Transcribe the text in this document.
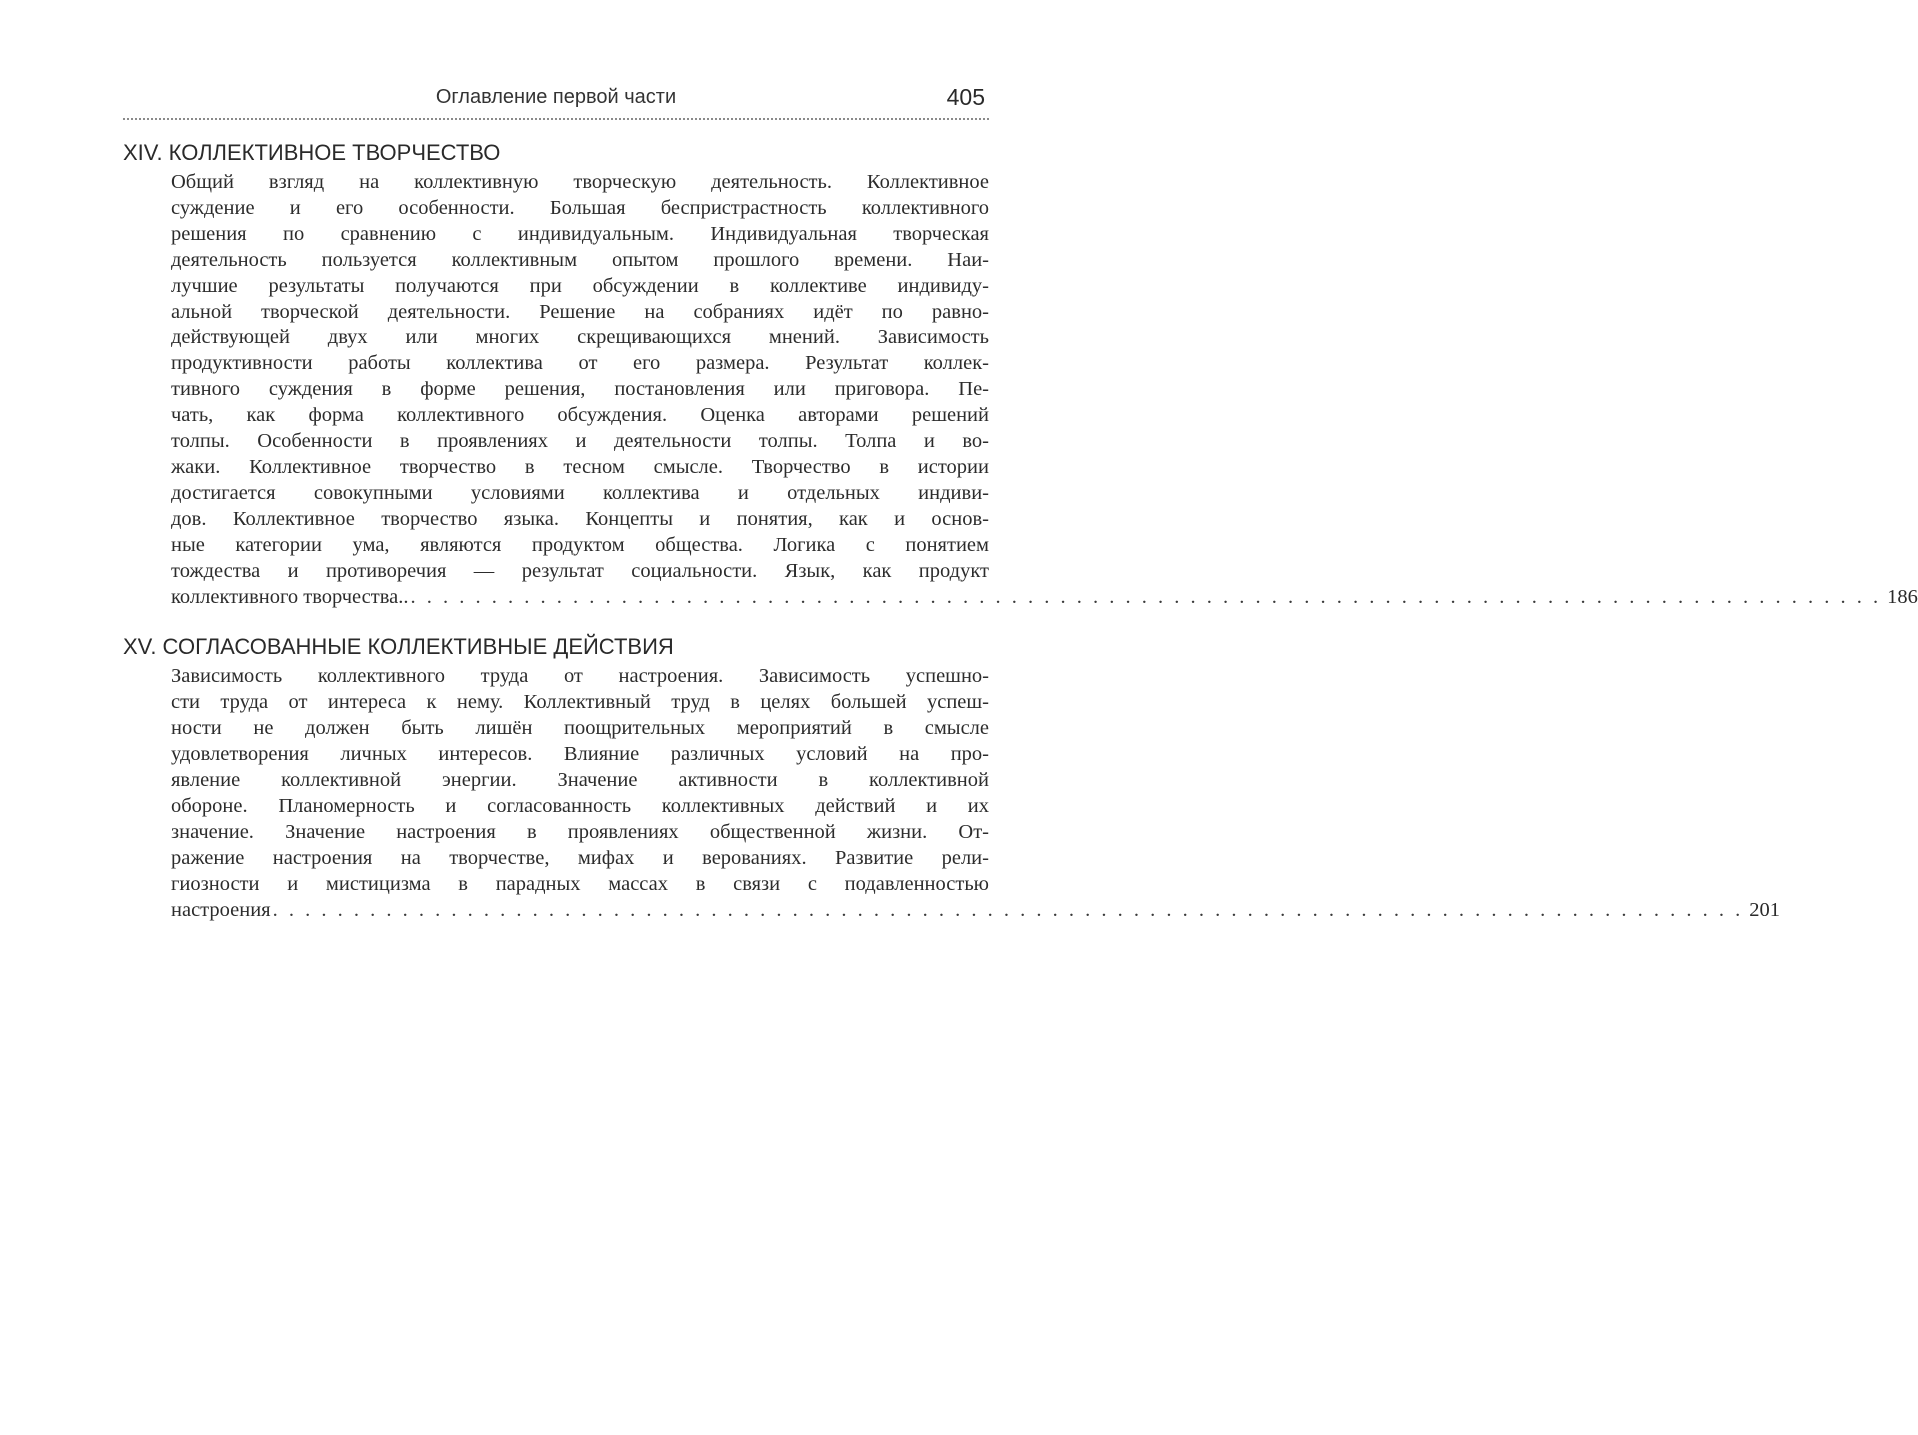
Оглавление первой части	405
XIV. КОЛЛЕКТИВНОЕ ТВОРЧЕСТВО
Общий взгляд на коллективную творческую деятельность. Коллективное
суждение и его особенности. Большая беспристрастность коллективного
решения по сравнению с индивидуальным. Индивидуальная творческая
деятельность пользуется коллективным опытом прошлого времени. Наи-
лучшие результаты получаются при обсуждении в коллективе индивиду-
альной творческой деятельности. Решение на собраниях идёт по равно-
действующей двух или многих скрещивающихся мнений. Зависимость
продуктивности работы коллектива от его размера. Результат коллек-
тивного суждения в форме решения, постановления или приговора. Пе-
чать, как форма коллективного обсуждения. Оценка авторами решений
толпы. Особенности в проявлениях и деятельности толпы. Толпа и во-
жаки. Коллективное творчество в тесном смысле. Творчество в истории
достигается совокупными условиями коллектива и отдельных индиви-
дов. Коллективное творчество языка. Концепты и понятия, как и основ-
ные категории ума, являются продуктом общества. Логика с понятием
тождества и противоречия — результат социальности. Язык, как продукт
коллективного творчества.. . . . . . . . . . . . . . . . . . . . . . . . . . . . . . . . . . . . . . . . . . . . . . . . . . . . . . . . . . . . . . . . . . . . . . . . . . . . . . . . . . . . . . . . . . . . 186
XV. СОГЛАСОВАННЫЕ КОЛЛЕКТИВНЫЕ ДЕЙСТВИЯ
Зависимость коллективного труда от настроения. Зависимость успешно-
сти труда от интереса к нему. Коллективный труд в целях большей успеш-
ности не должен быть лишён поощрительных мероприятий в смысле
удовлетворения личных интересов. Влияние различных условий на про-
явление коллективной энергии. Значение активности в коллективной
обороне. Планомерность и согласованность коллективных действий и их
значение. Значение настроения в проявлениях общественной жизни. От-
ражение настроения на творчестве, мифах и верованиях. Развитие рели-
гиозности и мистицизма в парадных массах в связи с подавленностью
настроения . . . . . . . . . . . . . . . . . . . . . . . . . . . . . . . . . . . . . . . . . . . . . . . . . . . . . . . . . . . . . . . . . . . . . . . . . . . . . . . . . . . . . . . . . . . 201
